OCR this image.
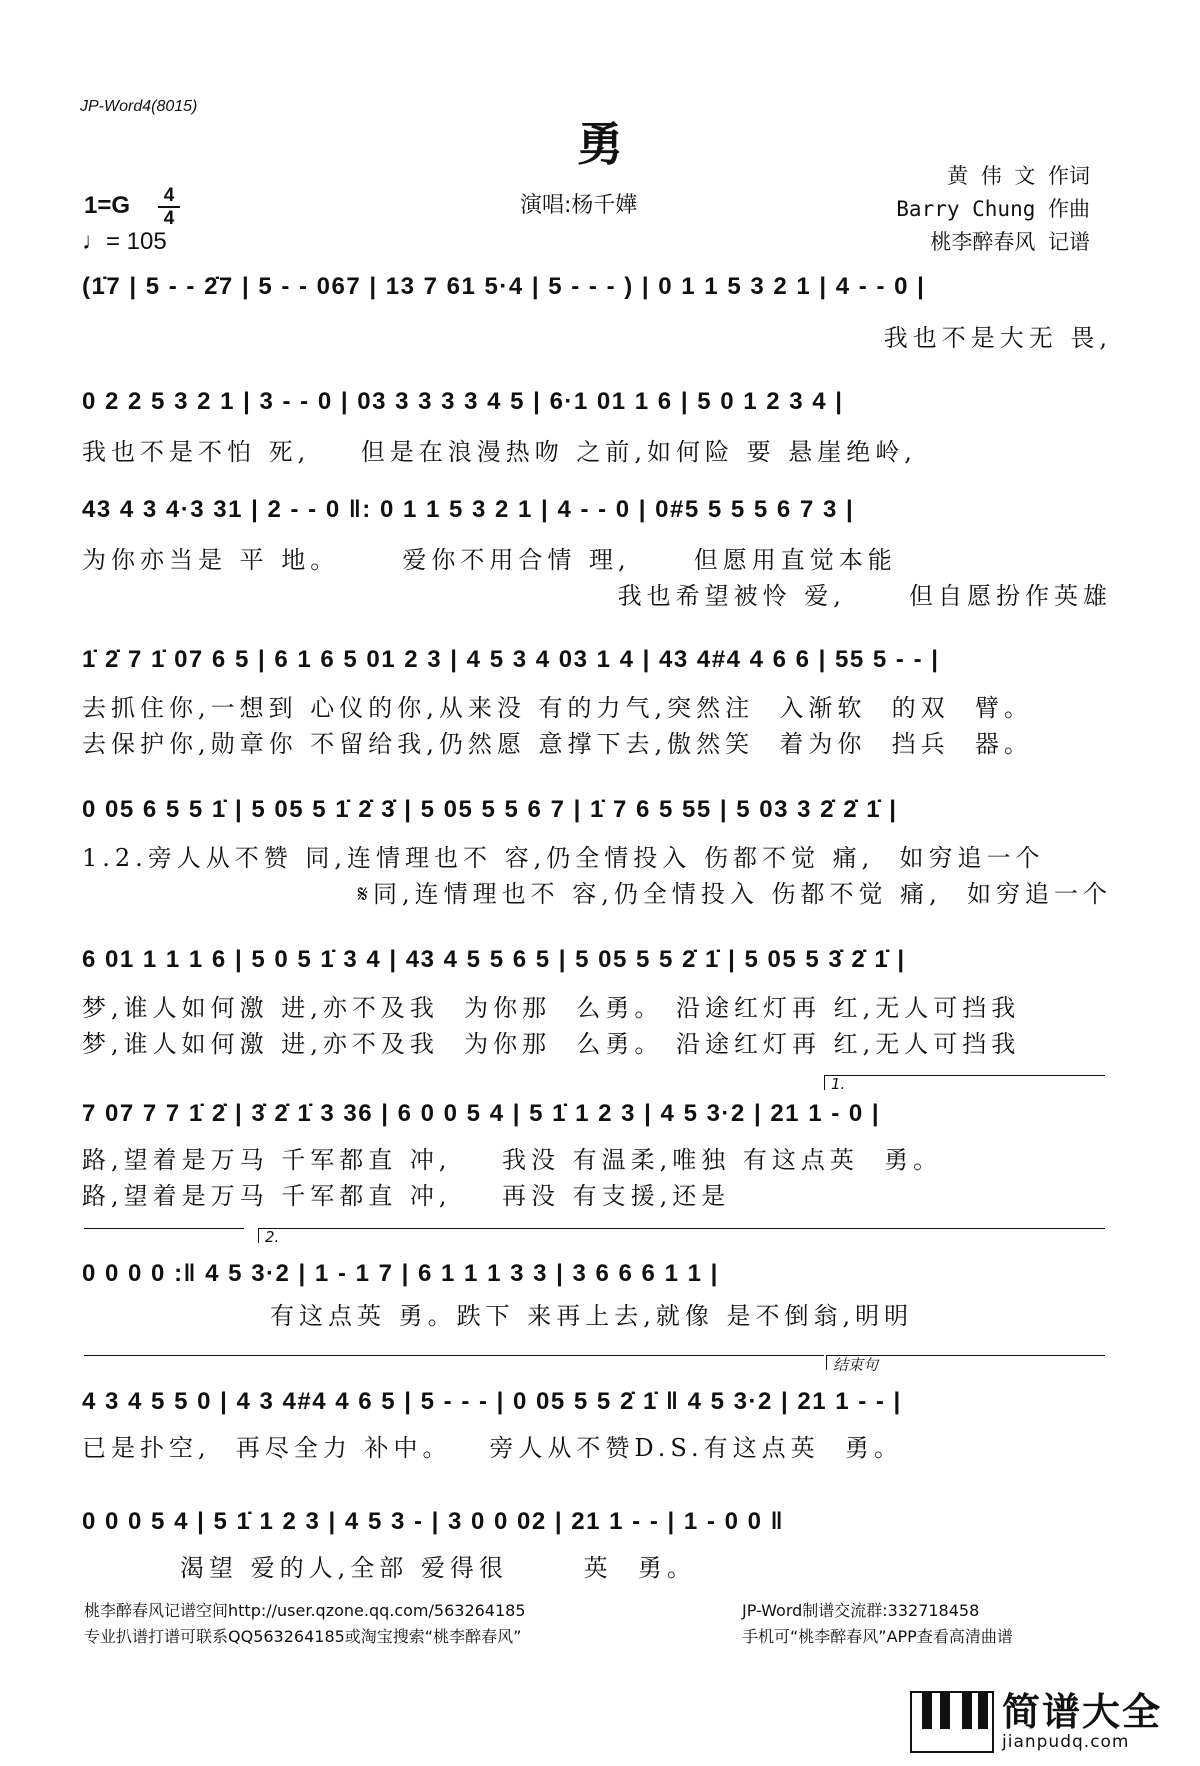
JP-Word4(8015)
勇
1=G	4
4
♩= 105
演唱:杨千嬅
黄 伟 文 作词
Barry Chung 作曲
桃李醉春风 记谱
(1̇7 | 5 - - 2̇7 | 5 - - 067 | 13 7 61 5·4 | 5 - - - ) | 0 1 1 5 3 2 1 | 4 - - 0 |
我也不是大无 畏,
0 2 2 5 3 2 1 | 3 - - 0 | 03 3 3 3 3 4 5 | 6·1 01 1 6 | 5 0 1 2 3 4 |
我也不是不怕 死,    但是在浪漫热吻 之前,如何险 要 悬崖绝岭,
43 4 3 4·3 31 | 2 - - 0 ‖: 0 1 1 5 3 2 1 | 4 - - 0 | 0#5 5 5 5 6 7 3 |
为你亦当是 平 地。     爱你不用合情 理,     但愿用直觉本能
我也希望被怜 爱,     但自愿扮作英雄
1̇ 2̇ 7 1̇ 07 6 5 | 6 1 6 5 01 2 3 | 4 5 3 4 03 1 4 | 43 4#4 4 6 6 | 55 5 - - |
去抓住你,一想到 心仪的你,从来没 有的力气,突然注  入渐软  的双  臂。
去保护你,勋章你 不留给我,仍然愿 意撑下去,傲然笑  着为你  挡兵  器。
0 05 6 5 5 1̇ | 5 05 5 1̇ 2̇ 3̇ | 5 05 5 5 6 7 | 1̇ 7 6 5 55 | 5 03 3 2̇ 2̇ 1̇ |
1.2.旁人从不赞 同,连情理也不 容,仍全情投入 伤都不觉 痛,  如穷追一个
𝄋同,连情理也不 容,仍全情投入 伤都不觉 痛,  如穷追一个
6 01 1 1 1 6 | 5 0 5 1̇ 3 4 | 43 4 5 5 6 5 | 5 05 5 5 2̇ 1̇ | 5 05 5 3̇ 2̇ 1̇ |
梦,谁人如何激 进,亦不及我  为你那  么勇。 沿途红灯再 红,无人可挡我
梦,谁人如何激 进,亦不及我  为你那  么勇。 沿途红灯再 红,无人可挡我
1.
7 07 7 7 1̇ 2̇ | 3̇ 2̇ 1̇ 3 36 | 6 0 0 5 4 | 5 1̇ 1 2 3 | 4 5 3·2 | 21 1 - 0 |
路,望着是万马 千军都直 冲,    我没 有温柔,唯独 有这点英  勇。
路,望着是万马 千军都直 冲,    再没 有支援,还是
2.
0 0 0 0 :‖ 4 5 3·2 | 1 - 1 7 | 6 1 1 1 3 3 | 3 6 6 6 1 1 |
有这点英 勇。跌下 来再上去,就像 是不倒翁,明明
结束句
4 3 4 5 5 0 | 4 3 4#4 4 6 5 | 5 - - - | 0 05 5 5 2̇ 1̇ ‖ 4 5 3·2 | 21 1 - - |
已是扑空,  再尽全力 补中。   旁人从不赞D.S.有这点英  勇。
0 0 0 5 4 | 5 1̇ 1 2 3 | 4 5 3 - | 3 0 0 02 | 21 1 - - | 1 - 0 0 ‖
渴望 爱的人,全部 爱得很      英  勇。
桃李醉春风记谱空间http://user.qzone.qq.com/563264185
专业扒谱打谱可联系QQ563264185或淘宝搜索“桃李醉春风”
JP-Word制谱交流群:332718458
手机可“桃李醉春风”APP查看高清曲谱
简谱大全
jianpudq.com
